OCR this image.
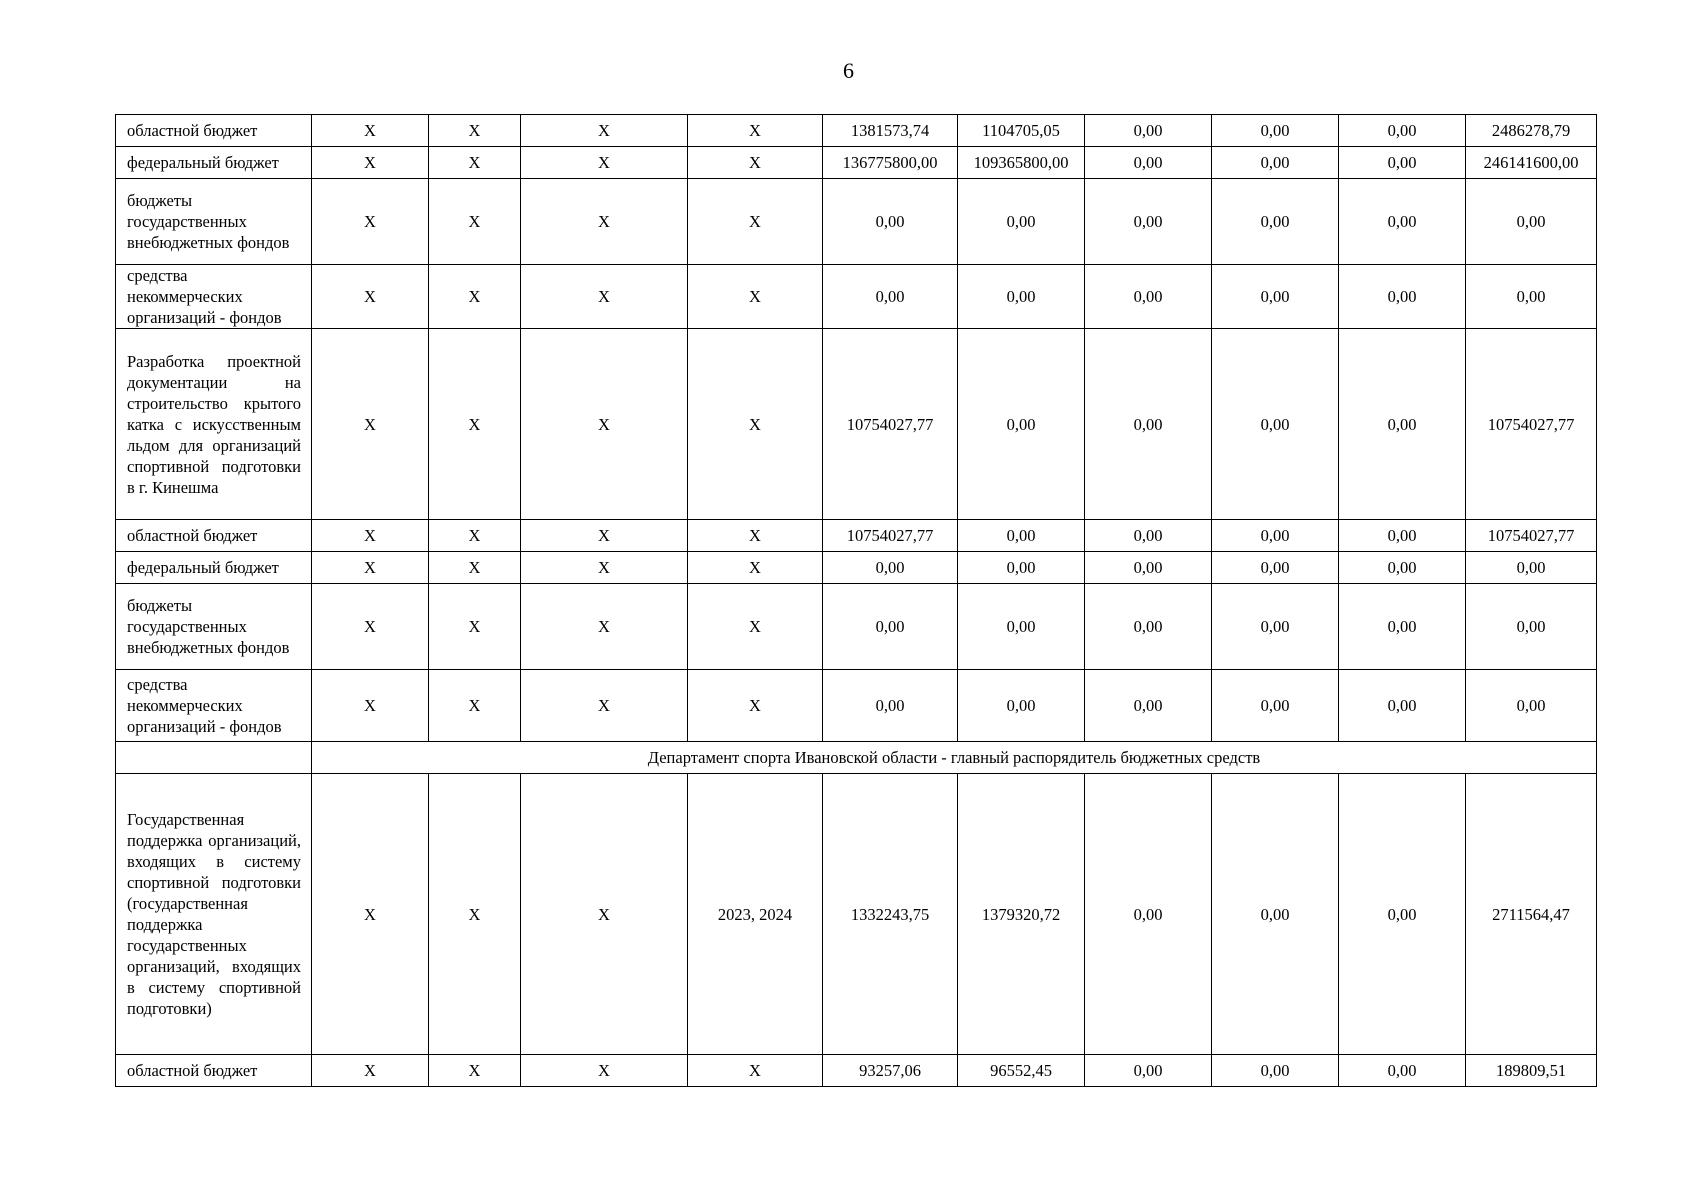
6
областной бюджет	X	X	X	X	1381573,74	1104705,05	0,00	0,00	0,00	2486278,79
федеральный бюджет	X	X	X	X	136775800,00	109365800,00	0,00	0,00	0,00	246141600,00
бюджеты государственных внебюджетных фондов	X	X	X	X	0,00	0,00	0,00	0,00	0,00	0,00
средства некоммерческих организаций - фондов	X	X	X	X	0,00	0,00	0,00	0,00	0,00	0,00
Разработка проектной документации на строительство крытого катка с искусственным льдом для организаций спортивной подготовки в г. Кинешма	X	X	X	X	10754027,77	0,00	0,00	0,00	0,00	10754027,77
областной бюджет	X	X	X	X	10754027,77	0,00	0,00	0,00	0,00	10754027,77
федеральный бюджет	X	X	X	X	0,00	0,00	0,00	0,00	0,00	0,00
бюджеты государственных внебюджетных фондов	X	X	X	X	0,00	0,00	0,00	0,00	0,00	0,00
средства некоммерческих организаций - фондов	X	X	X	X	0,00	0,00	0,00	0,00	0,00	0,00
	Департамент спорта Ивановской области - главный распорядитель бюджетных средств									
Государственная поддержка организаций, входящих в систему спортивной подготовки (государственная поддержка государственных организаций, входящих в систему спортивной подготовки)	X	X	X	2023, 2024	1332243,75	1379320,72	0,00	0,00	0,00	2711564,47
областной бюджет	X	X	X	X	93257,06	96552,45	0,00	0,00	0,00	189809,51
